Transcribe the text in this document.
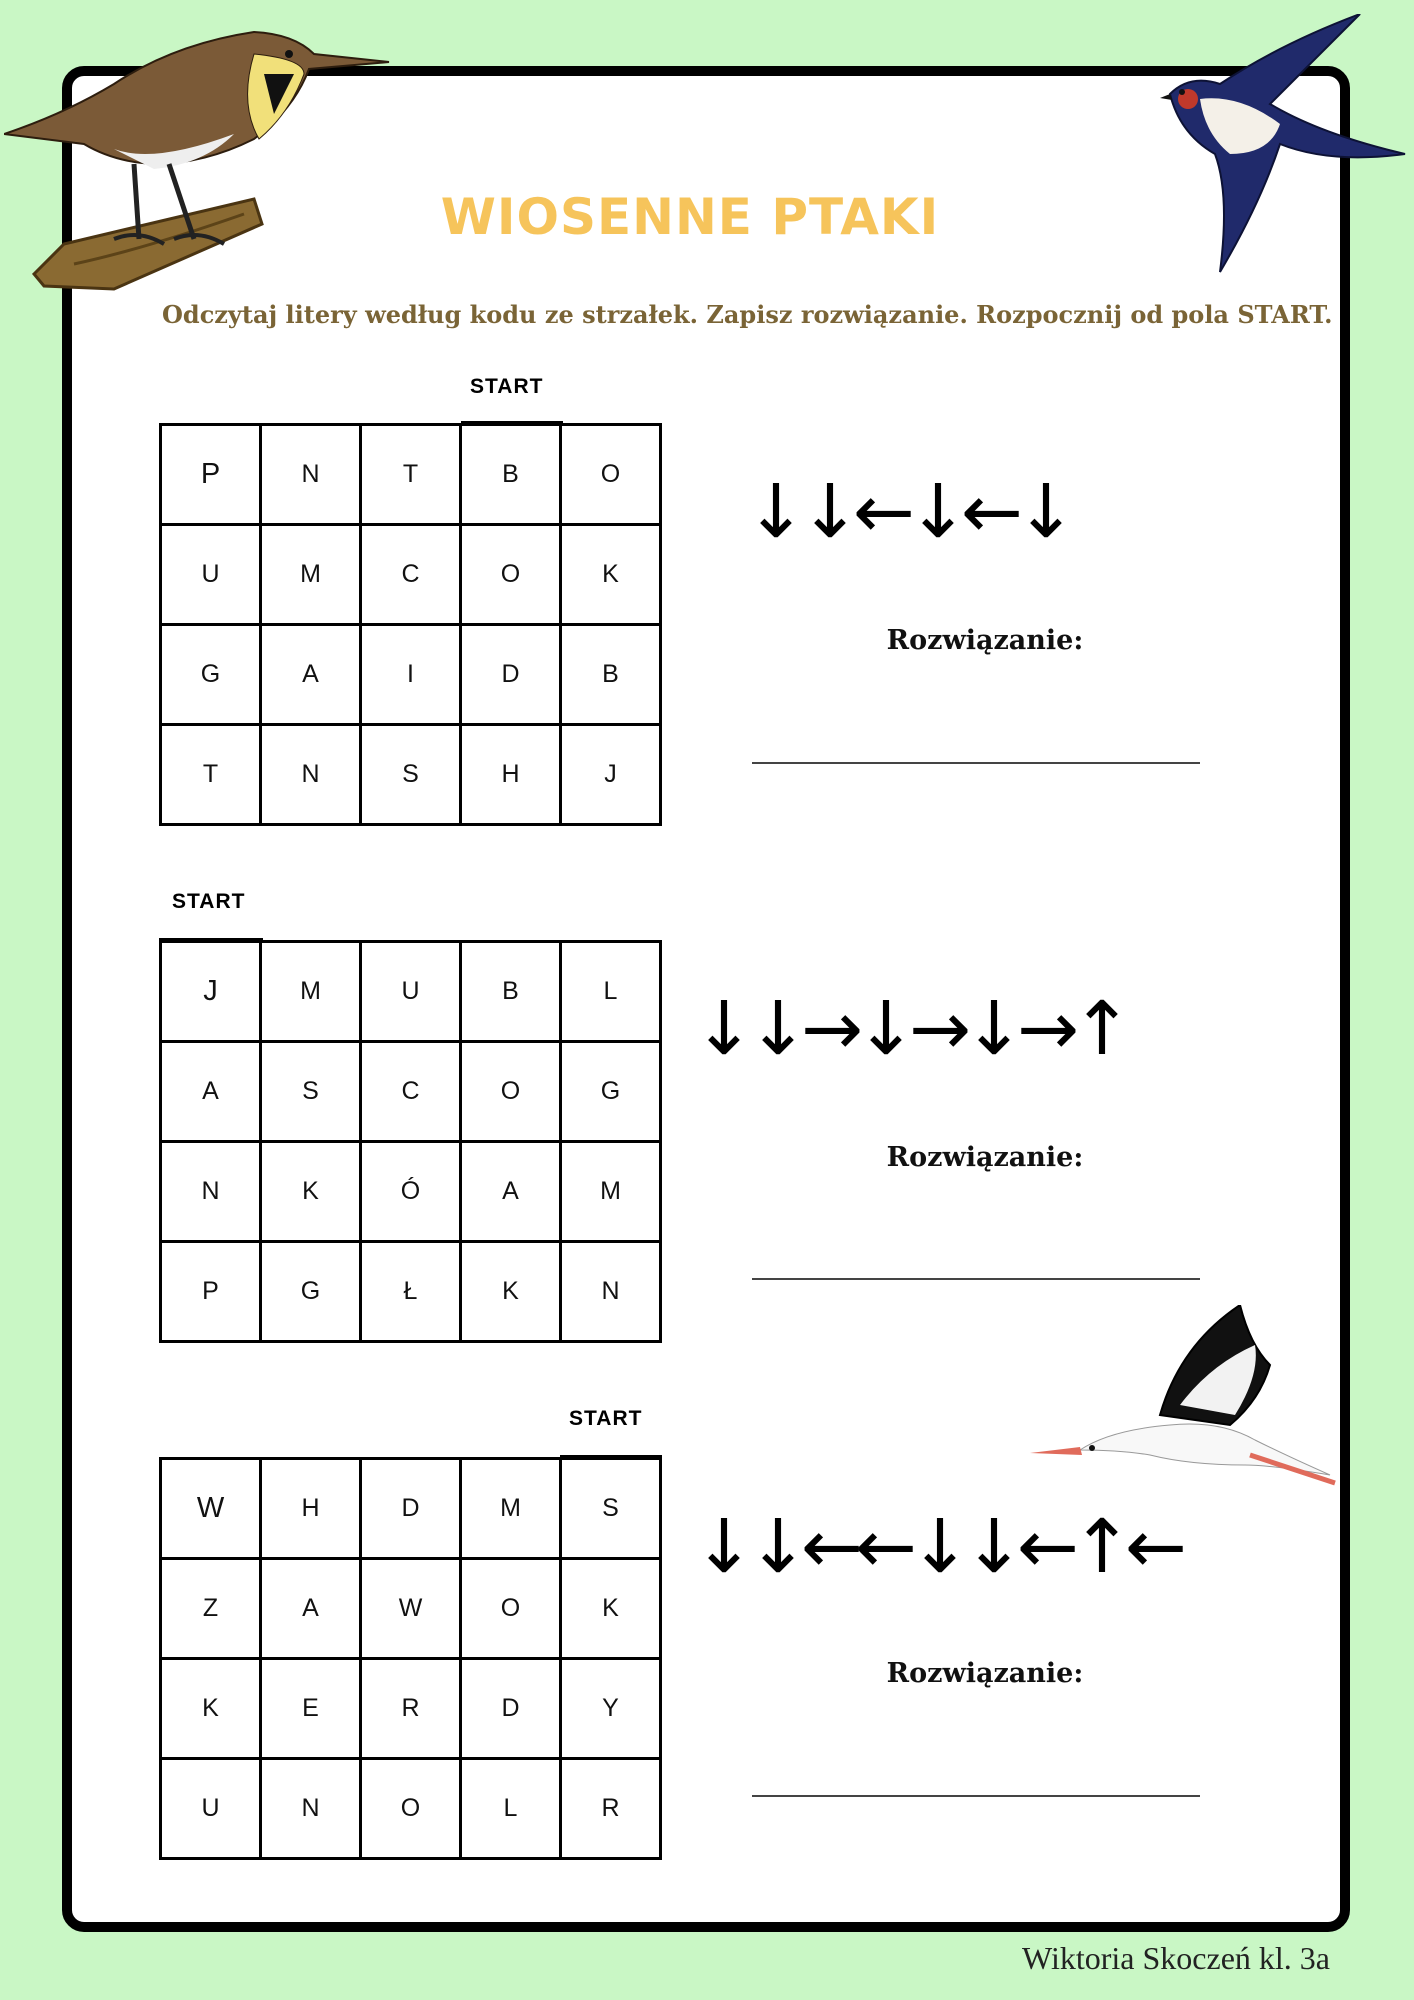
WIOSENNE PTAKI
Odczytaj litery według kodu ze strzałek. Zapisz rozwiązanie. Rozpocznij od pola START.
START
P	N	T	B	O
U	M	C	O	K
G	A	I	D	B
T	N	S	H	J
↓↓←↓←↓
Rozwiązanie:
START
J	M	U	B	L
A	S	C	O	G
N	K	Ó	A	M
P	G	Ł	K	N
↓↓→↓→↓→↑
Rozwiązanie:
START
W	H	D	M	S
Z	A	W	O	K
K	E	R	D	Y
U	N	O	L	R
↓↓←←↓↓←↑←
Rozwiązanie:
Wiktoria Skoczeń kl. 3a
